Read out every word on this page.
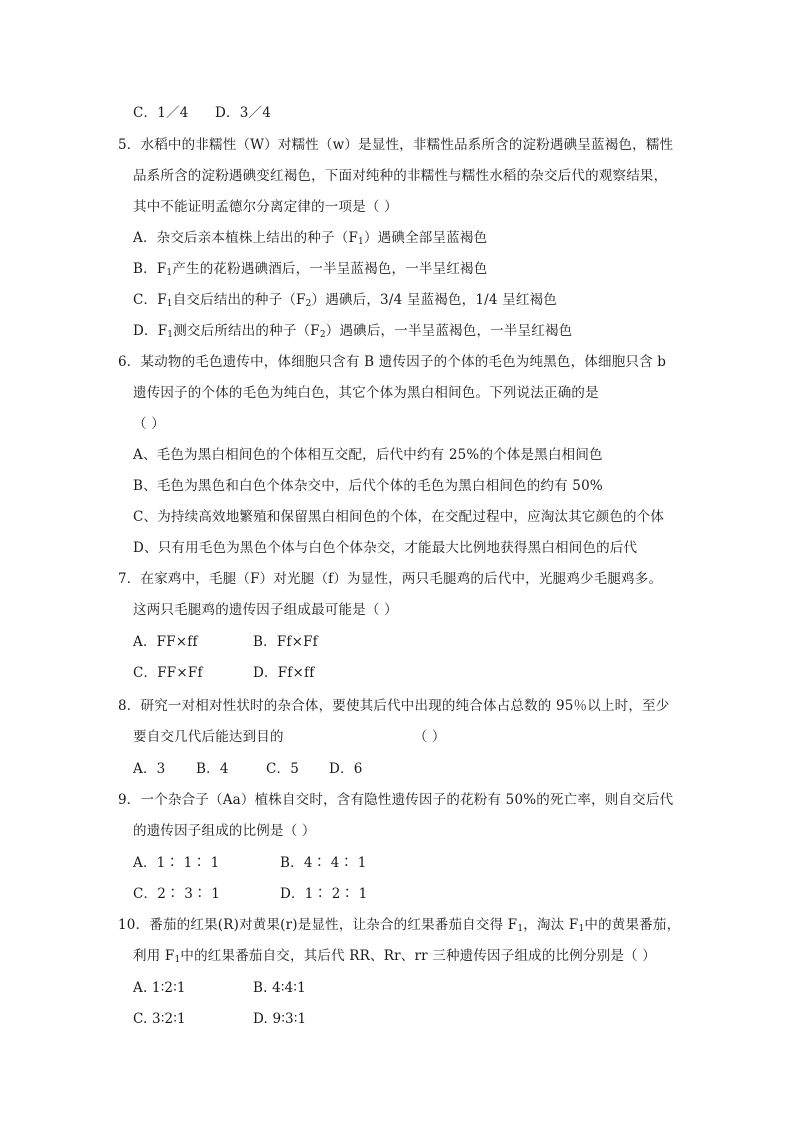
C．1／4 D．3／4
5．水稻中的非糯性（W）对糯性（w）是显性，非糯性品系所含的淀粉遇碘呈蓝褐色，糯性
品系所含的淀粉遇碘变红褐色，下面对纯种的非糯性与糯性水稻的杂交后代的观察结果，
其中不能证明孟德尔分离定律的一项是（ ）
A．杂交后亲本植株上结出的种子$(F_1)$遇碘全部呈蓝褐色
B．$F_1$产生的花粉遇碘酒后，一半呈蓝褐色，一半呈红褐色
C．$F_1$自交后结出的种子$(F_2)$遇碘后，3/4 呈蓝褐色，1/4 呈红褐色
D．$F_1$测交后所结出的种子$(F_2)$遇碘后，一半呈蓝褐色，一半呈红褐色
6．某动物的毛色遗传中，体细胞只含有 B 遗传因子的个体的毛色为纯黑色，体细胞只含 b
遗传因子的个体的毛色为纯白色，其它个体为黑白相间色。下列说法正确的是
（ ）
A、毛色为黑白相间色的个体相互交配，后代中约有 25%的个体是黑白相间色
B、毛色为黑色和白色个体杂交中，后代个体的毛色为黑白相间色的约有 50%
C、为持续高效地繁殖和保留黑白相间色的个体，在交配过程中，应淘汰其它颜色的个体
D、只有用毛色为黑色个体与白色个体杂交，才能最大比例地获得黑白相间色的后代
7．在家鸡中，毛腿（F）对光腿（f）为显性，两只毛腿鸡的后代中，光腿鸡少毛腿鸡多。
这两只毛腿鸡的遗传因子组成最可能是（ ）
A．FF×ff	B．Ff×Ff
C．FF×Ff	D．Ff×ff
8．研究一对相对性状时的杂合体，要使其后代中出现的纯合体占总数的 95％以上时，至少
要自交几代后能达到目的	（ ）
A．3 B．4	C．5 D．6
9．一个杂合子（Aa）植株自交时，含有隐性遗传因子的花粉有 50%的死亡率，则自交后代
的遗传因子组成的比例是（ ）
A．1∶ 1∶ 1	B．4∶ 4∶ 1
C．2∶ 3∶ 1	D．1∶ 2∶ 1
10．番茄的红果(R)对黄果(r)是显性，让杂合的红果番茄自交得 $F_1$，淘汰 $F_1$中的黄果番茄，
利用 $F_1$中的红果番茄自交，其后代 RR、Rr、rr 三种遗传因子组成的比例分别是（ ）
A. 1∶2∶1	B. 4∶4∶1
C. 3∶2∶1	D. 9∶3∶1
